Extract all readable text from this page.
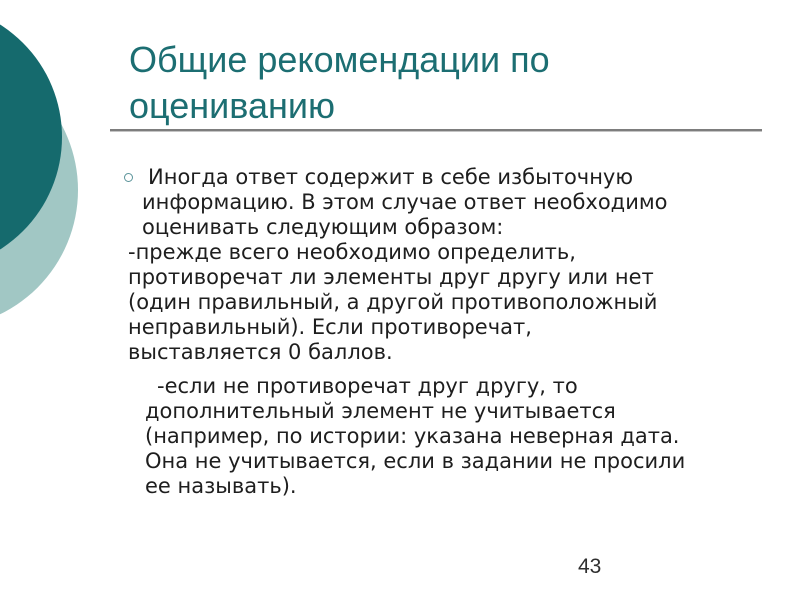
Общие рекомендации по
оцениванию
Иногда ответ содержит в себе избыточную
информацию. В этом случае ответ необходимо
оценивать следующим образом:
-прежде всего необходимо определить,
противоречат ли элементы друг другу или нет
(один правильный, а другой противоположный
неправильный). Если противоречат,
выставляется 0 баллов.
-если не противоречат друг другу, то
дополнительный элемент не учитывается
(например, по истории: указана неверная дата.
Она не учитывается, если в задании не просили
ее называть).
43
